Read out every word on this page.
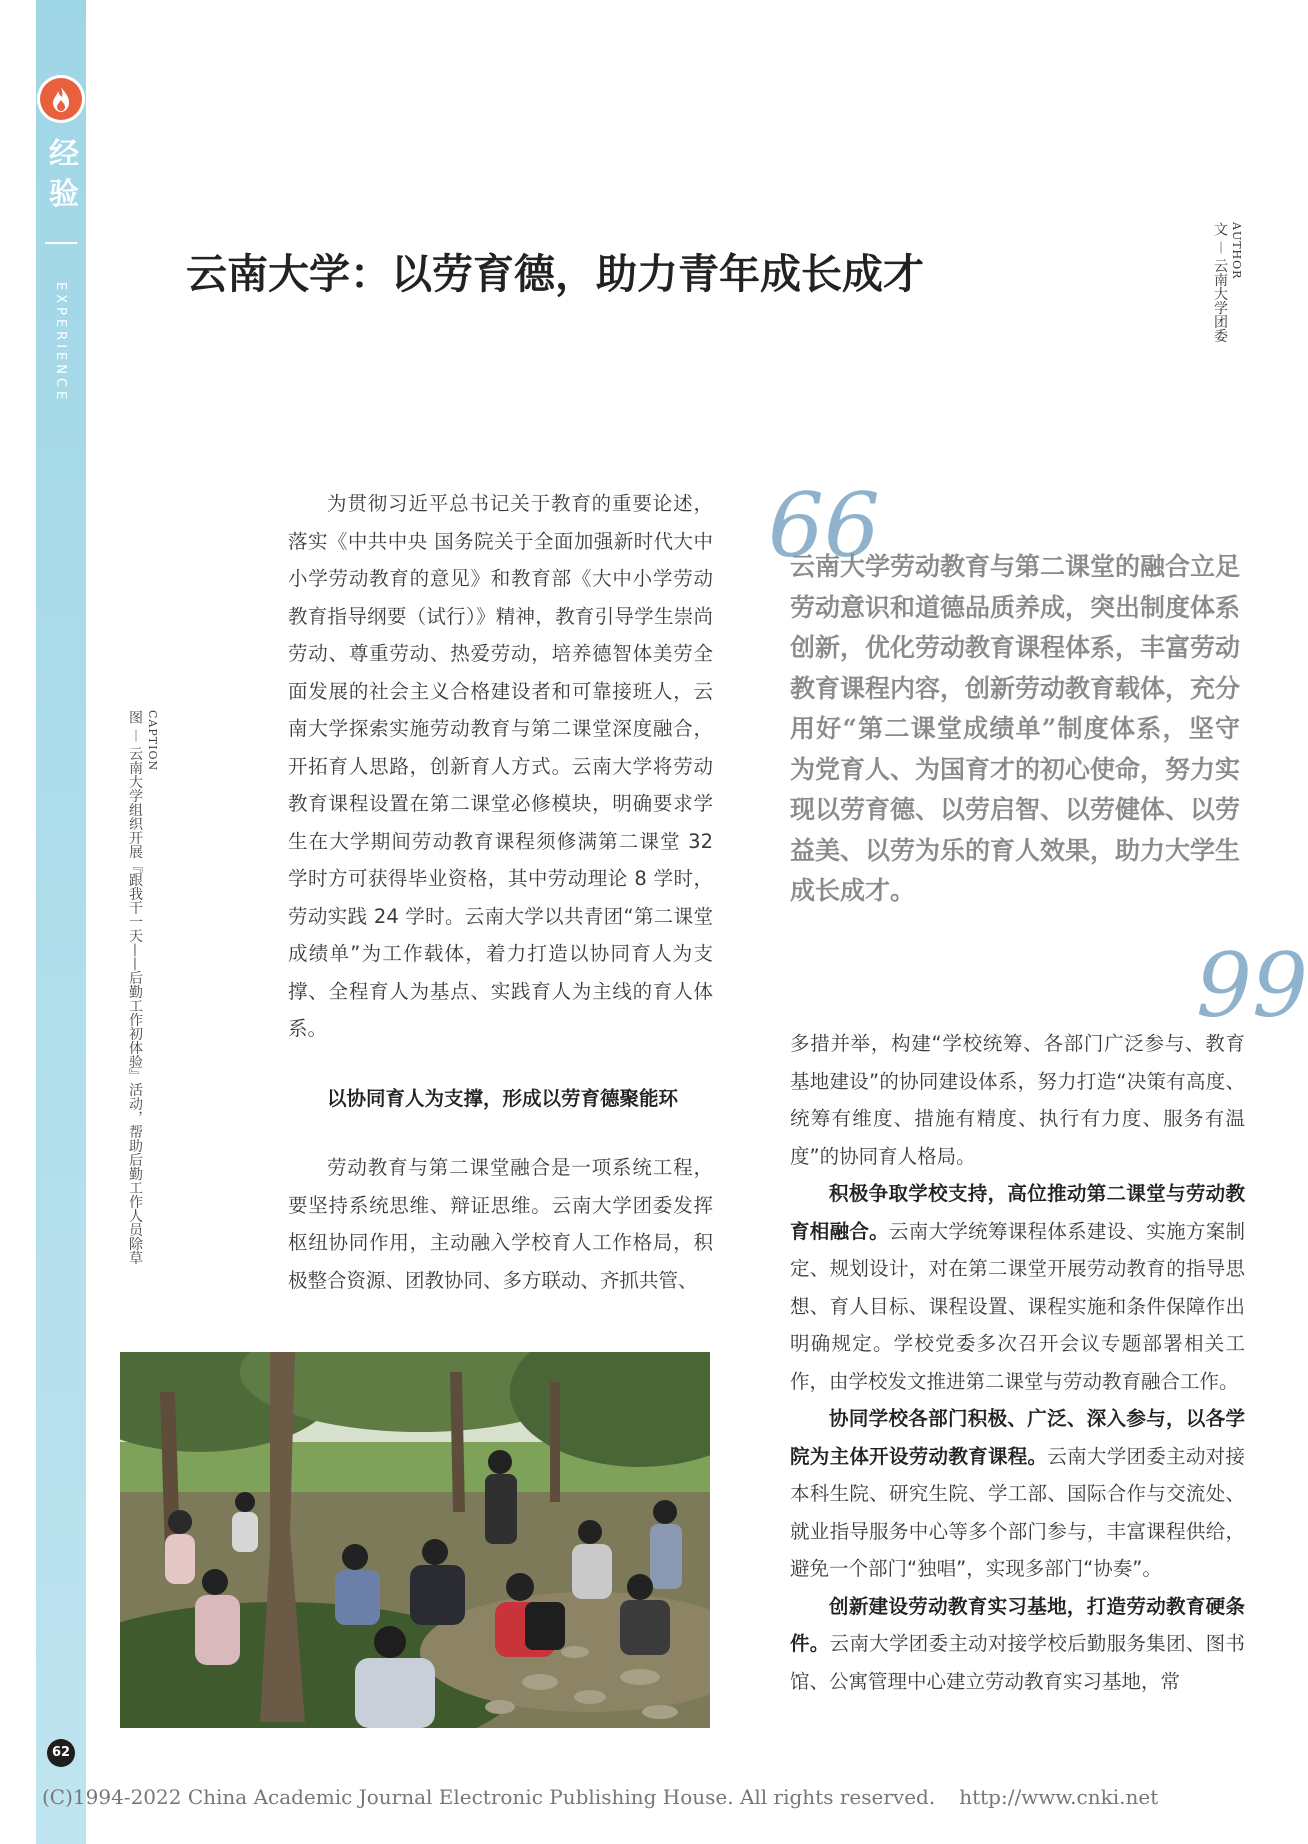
经验
EXPERIENCE
云南大学：以劳育德，助力青年成长成才	AUTHOR
文 ︱ 云南大学团委
CAPTION
图 ︱ 云南大学组织开展『跟我干一天——后勤工作初体验』活动，帮助后勤工作人员除草

为贯彻习近平总书记关于教育的重要论述，落实《中共中央 国务院关于全面加强新时代大中小学劳动教育的意见》和教育部《大中小学劳动教育指导纲要（试行）》精神，教育引导学生崇尚劳动、尊重劳动、热爱劳动，培养德智体美劳全面发展的社会主义合格建设者和可靠接班人，云南大学探索实施劳动教育与第二课堂深度融合，开拓育人思路，创新育人方式。云南大学将劳动教育课程设置在第二课堂必修模块，明确要求学生在大学期间劳动教育课程须修满第二课堂 32 学时方可获得毕业资格，其中劳动理论 8 学时，劳动实践 24 学时。云南大学以共青团“第二课堂成绩单”为工作载体，着力打造以协同育人为支撑、全程育人为基点、实践育人为主线的育人体系。

以协同育人为支撑，形成以劳育德聚能环

劳动教育与第二课堂融合是一项系统工程，要坚持系统思维、辩证思维。云南大学团委发挥枢纽协同作用，主动融入学校育人工作格局，积极整合资源、团教协同、多方联动、齐抓共管、

66
云南大学劳动教育与第二课堂的融合立足劳动意识和道德品质养成，突出制度体系创新，优化劳动教育课程体系，丰富劳动教育课程内容，创新劳动教育载体，充分用好“第二课堂成绩单”制度体系，坚守为党育人、为国育才的初心使命，努力实现以劳育德、以劳启智、以劳健体、以劳益美、以劳为乐的育人效果，助力大学生成长成才。
99

多措并举，构建“学校统筹、各部门广泛参与、教育基地建设”的协同建设体系，努力打造“决策有高度、统筹有维度、措施有精度、执行有力度、服务有温度”的协同育人格局。

积极争取学校支持，高位推动第二课堂与劳动教育相融合。云南大学统筹课程体系建设、实施方案制定、规划设计，对在第二课堂开展劳动教育的指导思想、育人目标、课程设置、课程实施和条件保障作出明确规定。学校党委多次召开会议专题部署相关工作，由学校发文推进第二课堂与劳动教育融合工作。

协同学校各部门积极、广泛、深入参与，以各学院为主体开设劳动教育课程。云南大学团委主动对接本科生院、研究生院、学工部、国际合作与交流处、就业指导服务中心等多个部门参与，丰富课程供给，避免一个部门“独唱”，实现多部门“协奏”。

创新建设劳动教育实习基地，打造劳动教育硬条件。云南大学团委主动对接学校后勤服务集团、图书馆、公寓管理中心建立劳动教育实习基地，常

62
(C)1994-2022 China Academic Journal Electronic Publishing House. All rights reserved. http://www.cnki.net
